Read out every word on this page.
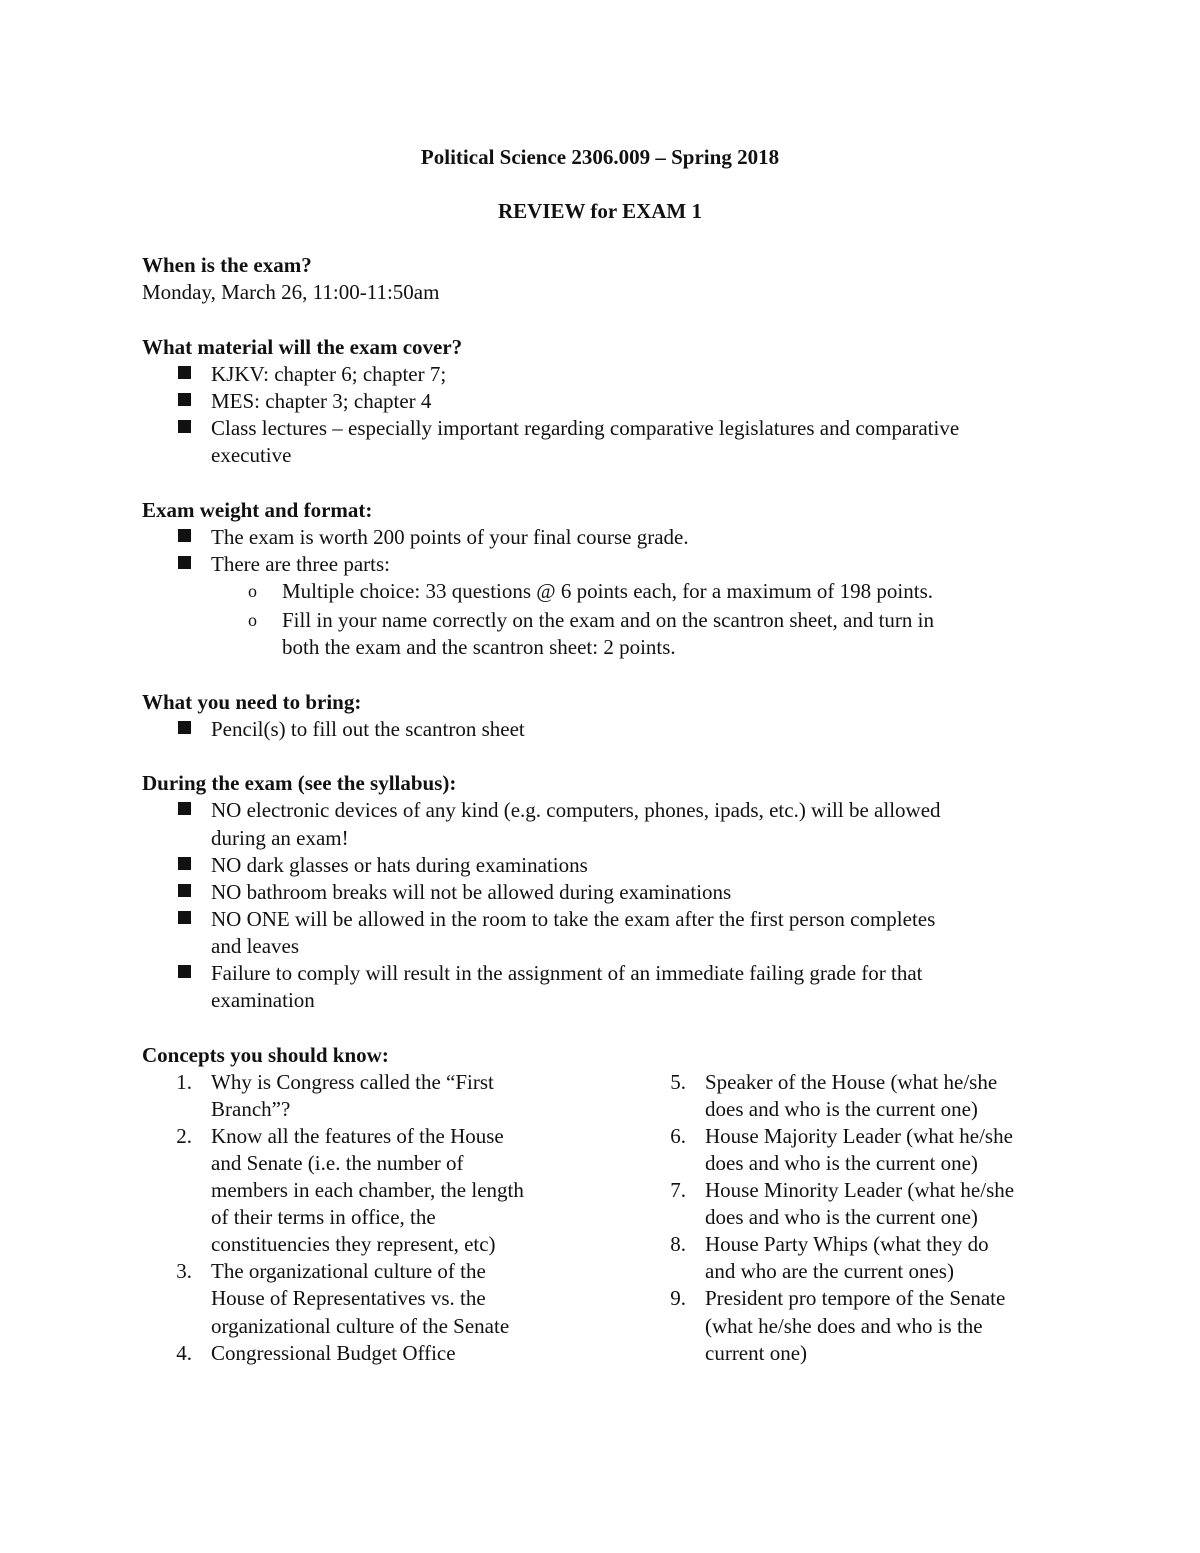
Political Science 2306.009 – Spring 2018
REVIEW for EXAM 1
When is the exam?
Monday, March 26, 11:00-11:50am
What material will the exam cover?
KJKV: chapter 6; chapter 7;
MES: chapter 3; chapter 4
Class lectures – especially important regarding comparative legislatures and comparative
executive
Exam weight and format:
The exam is worth 200 points of your final course grade.
There are three parts:
o Multiple choice: 33 questions @ 6 points each, for a maximum of 198 points.
o Fill in your name correctly on the exam and on the scantron sheet, and turn in
both the exam and the scantron sheet: 2 points.
What you need to bring:
Pencil(s) to fill out the scantron sheet
During the exam (see the syllabus):
NO electronic devices of any kind (e.g. computers, phones, ipads, etc.) will be allowed
during an exam!
NO dark glasses or hats during examinations
NO bathroom breaks will not be allowed during examinations
NO ONE will be allowed in the room to take the exam after the first person completes
and leaves
Failure to comply will result in the assignment of an immediate failing grade for that
examination
Concepts you should know:
1.
2.
3.
4.
Why is Congress called the “First
Branch”?
Know all the features of the House
and Senate (i.e. the number of
members in each chamber, the length
of their terms in office, the
constituencies they represent, etc)
The organizational culture of the
House of Representatives vs. the
organizational culture of the Senate
Congressional Budget Office
5.
6.
7.
8.
9.
Speaker of the House (what he/she
does and who is the current one)
House Majority Leader (what he/she
does and who is the current one)
House Minority Leader (what he/she
does and who is the current one)
House Party Whips (what they do
and who are the current ones)
President pro tempore of the Senate
(what he/she does and who is the
current one)
